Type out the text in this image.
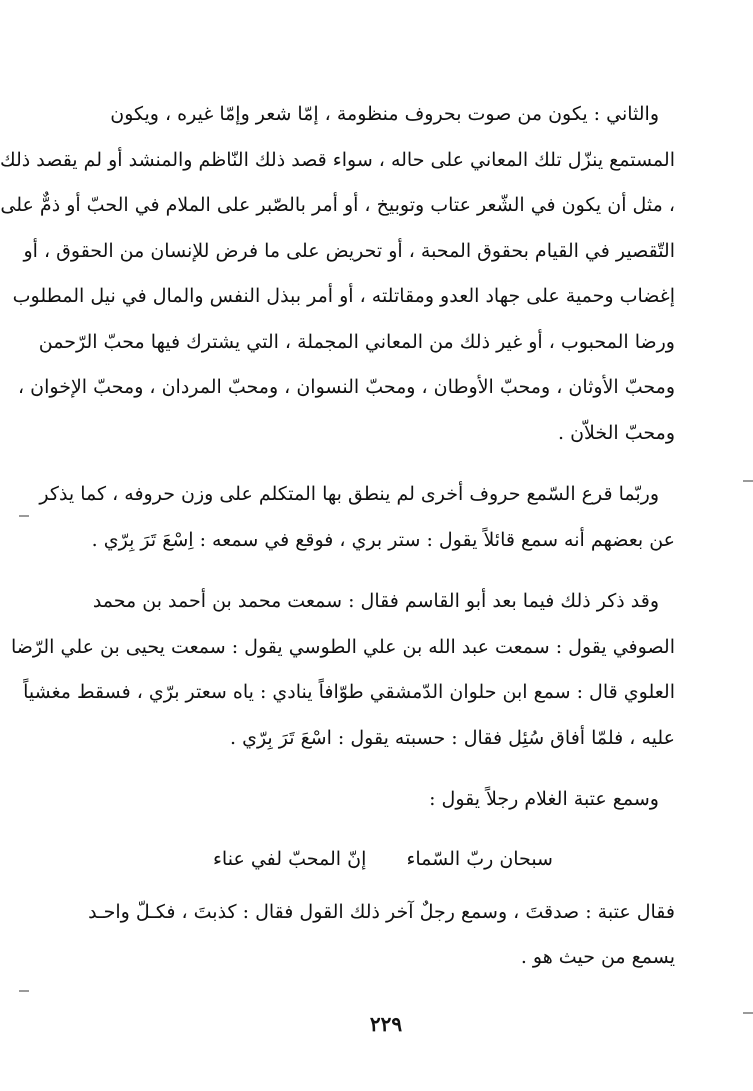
والثاني : يكون من صوت بحروف منظومة ، إمّا شعر وإمّا غيره ، ويكون
المستمع ينزّل تلك المعاني على حاله ، سواء قصد ذلك النّاظم والمنشد أو لم يقصد ذلك
، مثل أن يكون في الشّعر عتاب وتوبيخ ، أو أمر بالصّبر على الملام في الحبّ أو ذمٌّ على
التّقصير في القيام بحقوق المحبة ، أو تحريض على ما فرض للإنسان من الحقوق ، أو
إغضاب وحمية على جهاد العدو ومقاتلته ، أو أمر ببذل النفس والمال في نيل المطلوب
ورضا المحبوب ، أو غير ذلك من المعاني المجملة ، التي يشترك فيها محبّ الرّحمن
ومحبّ الأوثان ، ومحبّ الأوطان ، ومحبّ النسوان ، ومحبّ المردان ، ومحبّ الإخوان ،
ومحبّ الخلاّن .

وربّما قرع السّمع حروف أخرى لم ينطق بها المتكلم على وزن حروفه ، كما يذكر
عن بعضهم أنه سمع قائلاً يقول : ستر بري ، فوقع في سمعه : اِسْعَ تَرَ بِرّي .

وقد ذكر ذلك فيما بعد أبو القاسم فقال : سمعت محمد بن أحمد بن محمد
الصوفي يقول : سمعت عبد الله بن علي الطوسي يقول : سمعت يحيى بن علي الرّضا
العلوي قال : سمع ابن حلوان الدّمشقي طوّافاً ينادي : ياه سعتر برّي ، فسقط مغشياً
عليه ، فلمّا أفاق سُئِل فقال : حسبته يقول : اسْعَ تَرَ بِرّي .

وسمع عتبة الغلام رجلاً يقول :

سبحان ربّ السّماء  إنّ المحبّ لفي عناء

فقال عتبة : صدقتَ ، وسمع رجلٌ آخر ذلك القول فقال : كذبتَ ، فكـلّ واحـد
يسمع من حيث هو .

٢٢٩
